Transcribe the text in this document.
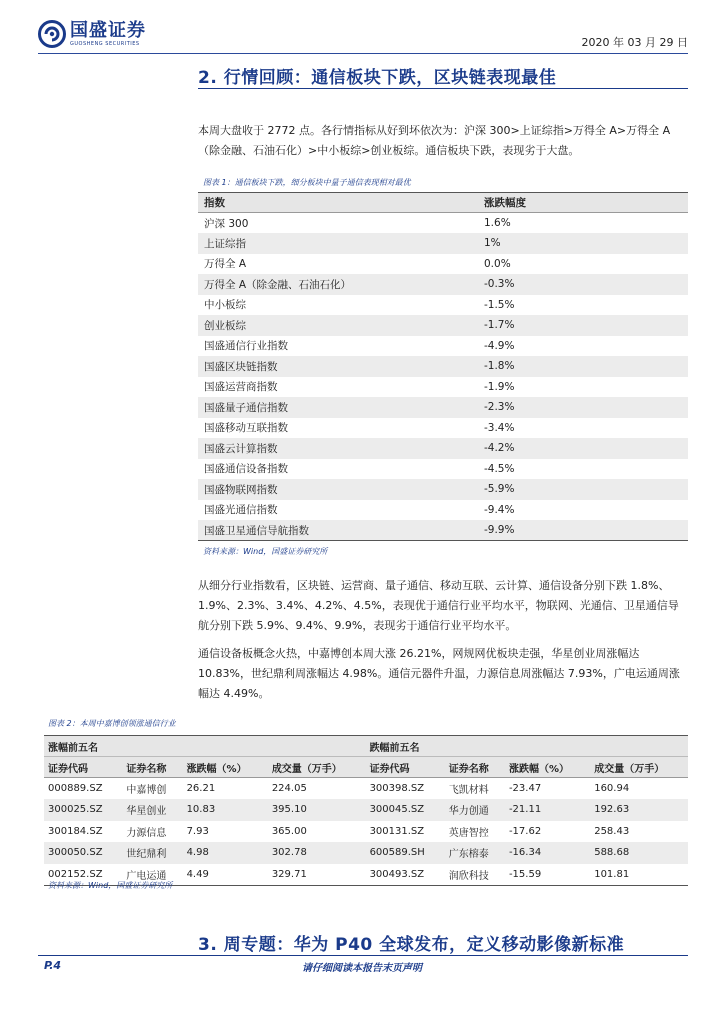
国盛证券
GUOSHENG SECURITIES	2020 年 03 月 29 日
2. 行情回顾：通信板块下跌，区块链表现最佳
本周大盘收于 2772 点。各行情指标从好到坏依次为：沪深 300>上证综指>万得全 A>万得全 A（除金融、石油石化）>中小板综>创业板综。通信板块下跌，表现劣于大盘。
图表 1：通信板块下跌，细分板块中量子通信表现相对最优
指数	涨跌幅度
沪深 300	1.6%
上证综指	1%
万得全 A	0.0%
万得全 A（除金融、石油石化）	-0.3%
中小板综	-1.5%
创业板综	-1.7%
国盛通信行业指数	-4.9%
国盛区块链指数	-1.8%
国盛运营商指数	-1.9%
国盛量子通信指数	-2.3%
国盛移动互联指数	-3.4%
国盛云计算指数	-4.2%
国盛通信设备指数	-4.5%
国盛物联网指数	-5.9%
国盛光通信指数	-9.4%
国盛卫星通信导航指数	-9.9%
资料来源：Wind，国盛证券研究所
从细分行业指数看，区块链、运营商、量子通信、移动互联、云计算、通信设备分别下跌 1.8%、1.9%、2.3%、3.4%、4.2%、4.5%，表现优于通信行业平均水平，物联网、光通信、卫星通信导航分别下跌 5.9%、9.4%、9.9%，表现劣于通信行业平均水平。
通信设备板概念火热，中嘉博创本周大涨 26.21%，网规网优板块走强，华星创业周涨幅达 10.83%，世纪鼎利周涨幅达 4.98%。通信元器件升温，力源信息周涨幅达 7.93%，广电运通周涨幅达 4.49%。
图表 2：本周中嘉博创领涨通信行业
涨幅前五名				跌幅前五名			
证券代码	证券名称	涨跌幅（%）	成交量（万手）	证券代码	证券名称	涨跌幅（%）	成交量（万手）
000889.SZ	中嘉博创	26.21	224.05	300398.SZ	飞凯材料	-23.47	160.94
300025.SZ	华星创业	10.83	395.10	300045.SZ	华力创通	-21.11	192.63
300184.SZ	力源信息	7.93	365.00	300131.SZ	英唐智控	-17.62	258.43
300050.SZ	世纪鼎利	4.98	302.78	600589.SH	广东榕泰	-16.34	588.68
002152.SZ	广电运通	4.49	329.71	300493.SZ	润欣科技	-15.59	101.81
资料来源：Wind，国盛证券研究所
3. 周专题：华为 P40 全球发布，定义移动影像新标准
P.4	请仔细阅读本报告末页声明
